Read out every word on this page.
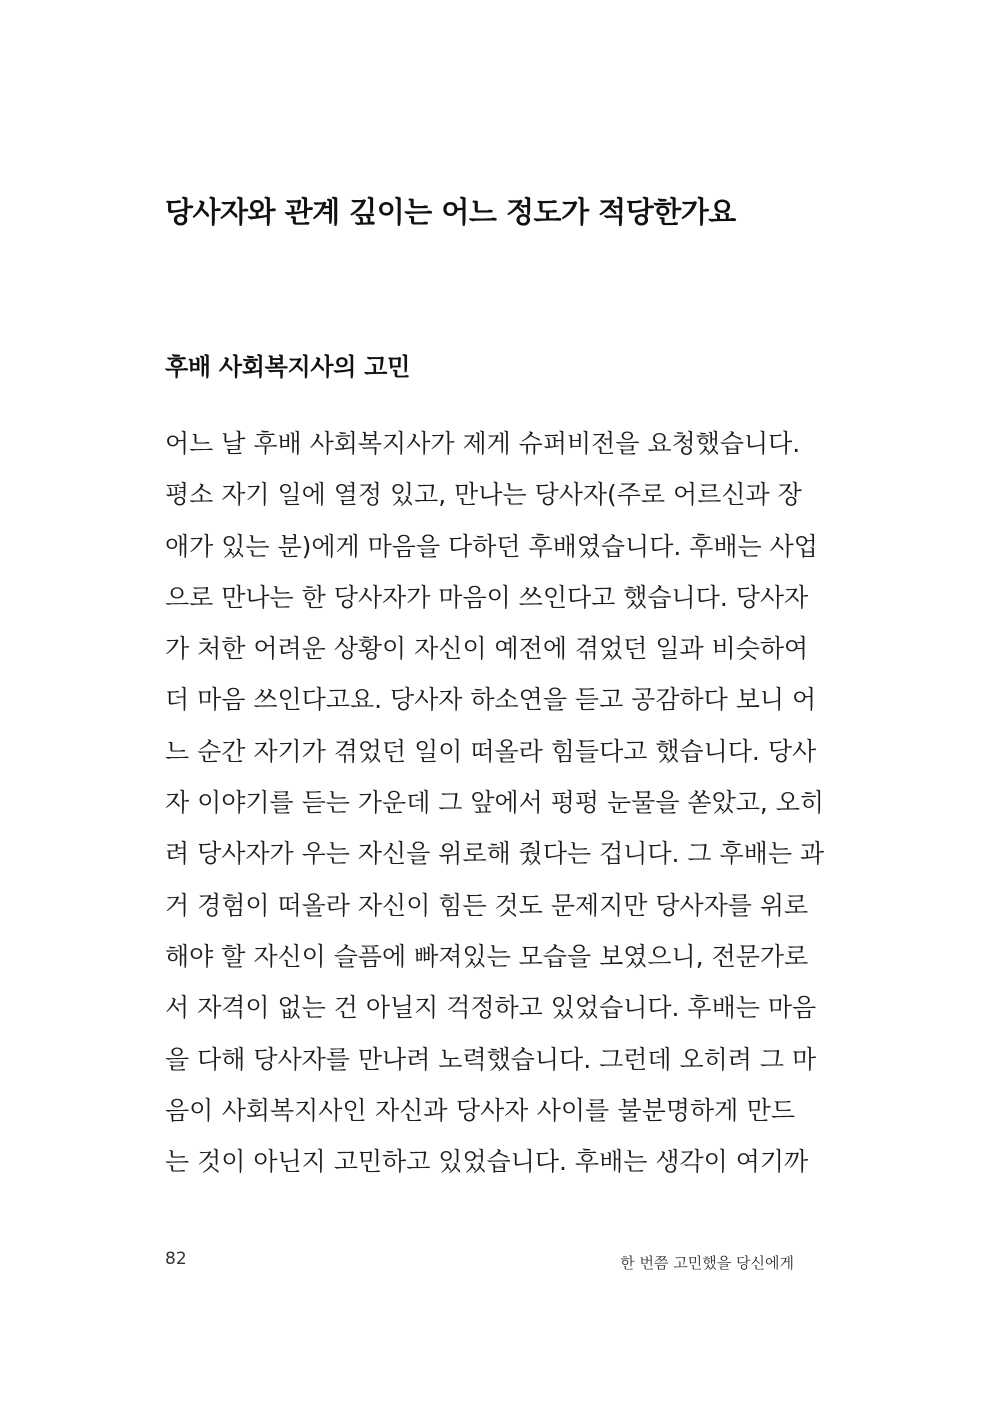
당사자와 관계 깊이는 어느 정도가 적당한가요
후배 사회복지사의 고민
어느 날 후배 사회복지사가 제게 슈퍼비전을 요청했습니다.
평소 자기 일에 열정 있고, 만나는 당사자(주로 어르신과 장
애가 있는 분)에게 마음을 다하던 후배였습니다. 후배는 사업
으로 만나는 한 당사자가 마음이 쓰인다고 했습니다. 당사자
가 처한 어려운 상황이 자신이 예전에 겪었던 일과 비슷하여
더 마음 쓰인다고요. 당사자 하소연을 듣고 공감하다 보니 어
느 순간 자기가 겪었던 일이 떠올라 힘들다고 했습니다. 당사
자 이야기를 듣는 가운데 그 앞에서 펑펑 눈물을 쏟았고, 오히
려 당사자가 우는 자신을 위로해 줬다는 겁니다. 그 후배는 과
거 경험이 떠올라 자신이 힘든 것도 문제지만 당사자를 위로
해야 할 자신이 슬픔에 빠져있는 모습을 보였으니, 전문가로
서 자격이 없는 건 아닐지 걱정하고 있었습니다. 후배는 마음
을 다해 당사자를 만나려 노력했습니다. 그런데 오히려 그 마
음이 사회복지사인 자신과 당사자 사이를 불분명하게 만드
는 것이 아닌지 고민하고 있었습니다. 후배는 생각이 여기까
82	한 번쯤 고민했을 당신에게
